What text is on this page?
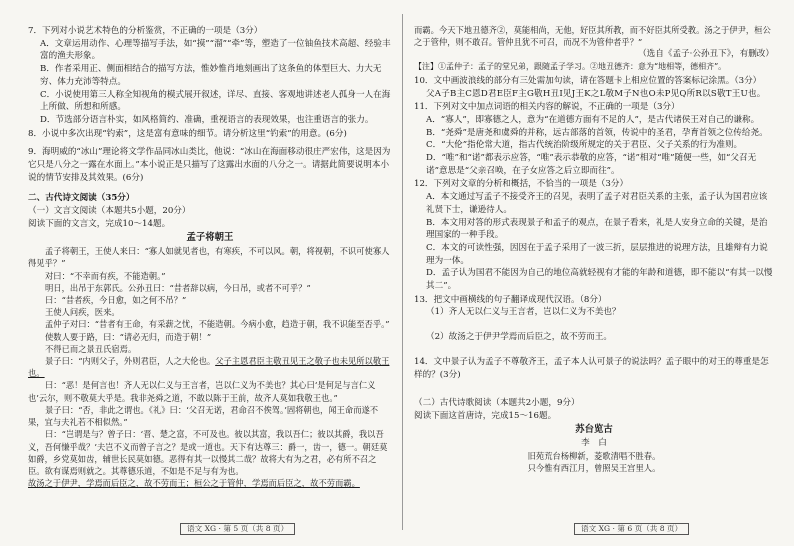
7．下列对小说艺术特色的分析鉴赏，不正确的一项是（3分）

A．文章运用动作、心理等描写手法，如“摸”“溜”“牵”等，塑造了一位铀鱼技术高超、经验丰富的渔夫形象。

B．作者采用正、侧面相结合的描写方法，惟妙惟肖地刻画出了这条鱼的体型巨大、力大无穷、体力充沛等特点。

C．小说使用第三人称全知视角的模式展开叙述，详尽、直接、客观地讲述老人孤身一人在海上所做、所想和所感。

D．节选部分语言朴实，如风格简约、准确，重视语言的表现效果，也注重语言的张力。

8．小说中多次出现“钓索”，这是富有意味的细节。请分析这里“钓索”的用意。(6分)

9．海明威的“冰山”理论将文学作品同冰山类比，他说：“冰山在海面移动很庄严宏伟，这是因为它只是八分之一露在水面上。”本小说正是只描写了这露出水面的八分之一。请据此简要说明本小说的情节安排及其效果。(6分)

二、古代诗文阅读（35分）

（一）文言文阅读（本题共5小题，20分）

阅读下面的文言文，完成10～14题。

孟子将朝王

孟子将朝王，王使人来曰：“寡人如就见者也，有寒疾，不可以风。朝，将视朝，不识可使寡人得见乎？”

对曰：“不幸而有疾，不能造朝。”

明日，出吊于东郭氏。公孙丑曰：“昔者辞以病，今日吊，或者不可乎？”

曰：“昔者疾，今日愈，如之何不吊？”

王使人问疾，医来。

孟仲子对曰：“昔者有王命，有采薪之忧，不能造朝。今病小愈，趋造于朝，我不识能至否乎。”

使数人要于路，曰：“请必无归，而造于朝！”

不得已而之景丑氏宿焉。

景子曰：“内则父子，外则君臣，人之大伦也。父子主恩君臣主敬丑见王之敬子也未见所以敬王也。

曰：“恶！是何言也！齐人无以仁义与王言者，岂以仁义为不美也？其心曰‘是何足与言仁义也’云尔，则不敬莫大乎是。我非尧舜之道，不敢以陈于王前，故齐人莫如我敬王也。”

景子曰：“否，非此之谓也。《礼》曰：‘父召无诺，君命召不俟驾。’固将朝也，闻王命而遂不果，宜与夫礼若不相似然。”

曰：“岂谓是与？曾子曰：‘晋、楚之富，不可及也。彼以其富，我以吾仁；彼以其爵，我以吾义，吾何慊乎哉？’夫岂不义而曾子言之？是或一道也。天下有达尊三：爵一，齿一，德一。朝廷莫如爵，乡党莫如齿，辅世长民莫如德。恶得有其一以慢其二哉？故将大有为之君，必有所不召之臣。欲有谋焉则就之。其尊德乐道，不如是不足与有为也。

故汤之于伊尹，学焉而后臣之，故不劳而王；桓公之于管仲，学焉而后臣之，故不劳而霸。

而霸。今天下地丑德齐②，莫能相尚，无他，好臣其所教，而不好臣其所受教。汤之于伊尹，桓公之于管仲，则不敢召。管仲且犹不可召，而况不为管仲者乎？”

（选自《孟子·公孙丑下》，有删改）

【注】①孟仲子：孟子的堂兄弟，跟随孟子学习。②地丑德齐：意为“地相等，德相齐”。

10．文中画波浪线的部分有三处需加句读，请在答题卡上相应位置的答案标记涂黑。（3分）

父A子B主C恩D君E臣F主G敬H丑I见J王K之L敬M子N也O未P见Q所R以S敬T王U也。

11．下列对文中加点词语的相关内容的解说，不正确的一项是（3分）

A．“寡人”，即寡德之人，意为“在道德方面有不足的人”，是古代诸侯王对自己的谦称。

B．“尧舜”是唐尧和虞舜的并称，远古部落的首领，传说中的圣君，孕育首领之位传给尧。

C．“大伦”指伦常大道，指古代统治阶级所规定的关于君臣、父子关系的行为准则。

D．“唯”和“诺”都表示应答，“唯”表示恭敬的应答，“诺”相对“唯”随便一些，如“父召无诺”意思是“父亲召唤，在子女应答之后立即而往”。

12．下列对文章的分析和概括，不恰当的一项是（3分）

A．本文通过写孟子不接受齐王的召见，表明了孟子对君臣关系的主张，孟子认为国君应该礼贤下士，谦逊待人。

B．本文用对答的形式表现景子和孟子的观点，在景子看来，礼是人安身立命的关键，是治理国家的一种手段。

C．本文的可读性强，因因在于孟子采用了一波三折，层层推进的说理方法，且雄辩有力说理为一体。

D．孟子认为国君不能因为自己的地位高就轻视有才能的年龄和道德，即不能以“有其一以慢其二”。

13．把文中画横线的句子翻译成现代汉语。（8分）

（1）齐人无以仁义与王言者，岂以仁义为不美也？

（2）故汤之于伊尹学焉而后臣之，故不劳而王。

14．文中景子认为孟子不尊敬齐王，孟子本人认可景子的说法吗？孟子眼中的对王的尊重是怎样的？(3分)

（二）古代诗歌阅读（本题共2小题，9分）

阅读下面这首唐诗，完成15～16题。

苏台览古

李　白

旧苑荒台杨柳新，菱歌清唱不胜春。

只今惟有西江月，曾照吴王宫里人。

语文 XG · 第 5 页（共 8 页）	语文 XG · 第 6 页（共 8 页）
